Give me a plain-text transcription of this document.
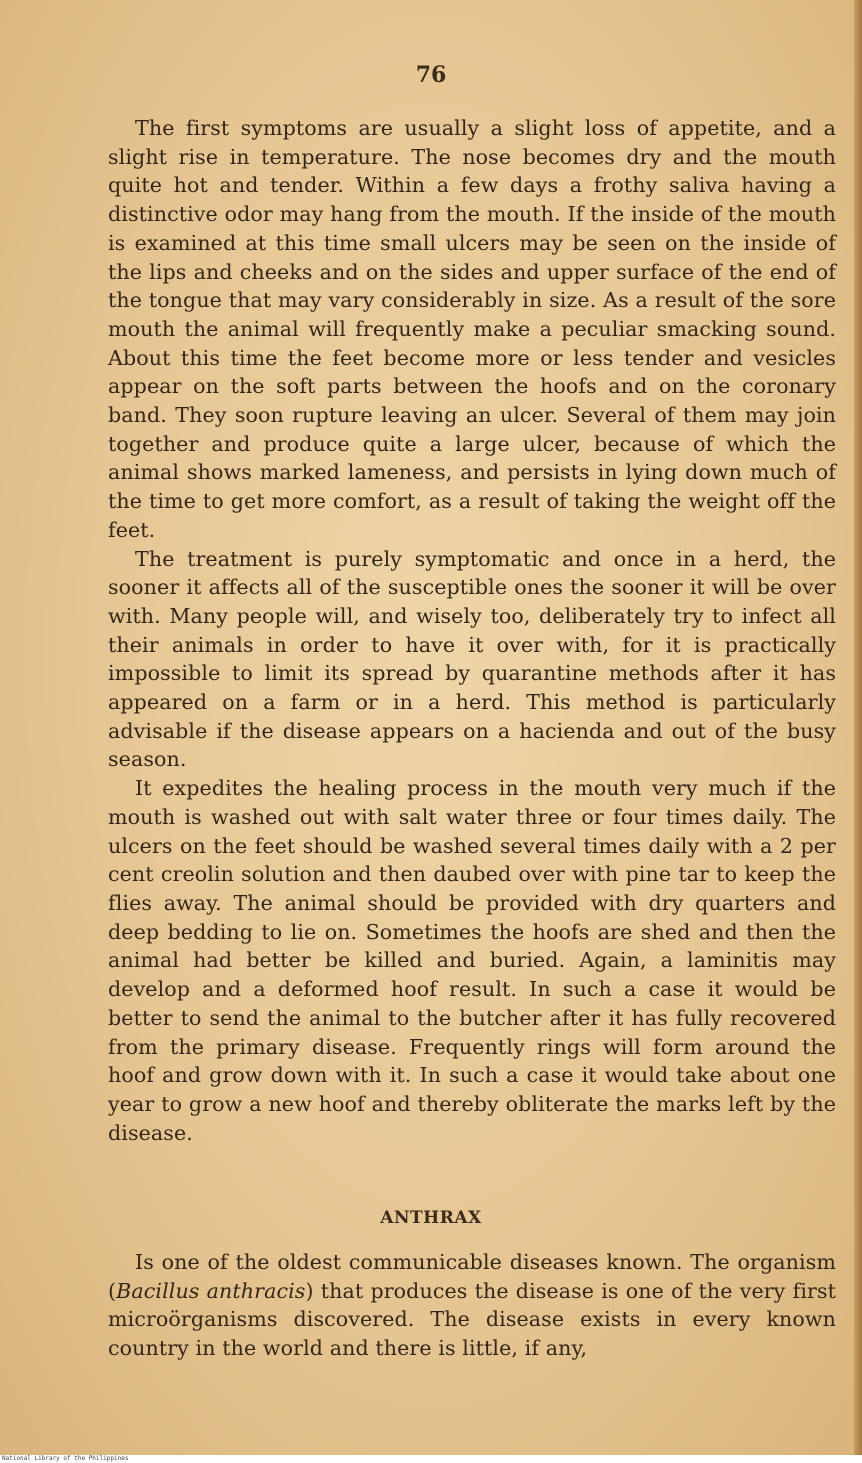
76

The first symptoms are usually a slight loss of appetite, and a slight rise in temperature. The nose becomes dry and the mouth quite hot and tender. Within a few days a frothy saliva having a distinctive odor may hang from the mouth. If the inside of the mouth is examined at this time small ulcers may be seen on the inside of the lips and cheeks and on the sides and upper surface of the end of the tongue that may vary considerably in size. As a result of the sore mouth the animal will frequently make a peculiar smacking sound. About this time the feet become more or less tender and vesicles appear on the soft parts between the hoofs and on the coronary band. They soon rupture leaving an ulcer. Several of them may join together and produce quite a large ulcer, because of which the animal shows marked lameness, and persists in lying down much of the time to get more comfort, as a result of taking the weight off the feet.

The treatment is purely symptomatic and once in a herd, the sooner it affects all of the susceptible ones the sooner it will be over with. Many people will, and wisely too, deliberately try to infect all their animals in order to have it over with, for it is practically impossible to limit its spread by quarantine methods after it has appeared on a farm or in a herd. This method is particularly advisable if the disease appears on a hacienda and out of the busy season.

It expedites the healing process in the mouth very much if the mouth is washed out with salt water three or four times daily. The ulcers on the feet should be washed several times daily with a 2 per cent creolin solution and then daubed over with pine tar to keep the flies away. The animal should be provided with dry quarters and deep bedding to lie on. Sometimes the hoofs are shed and then the animal had better be killed and buried. Again, a laminitis may develop and a deformed hoof result. In such a case it would be better to send the animal to the butcher after it has fully recovered from the primary disease. Frequently rings will form around the hoof and grow down with it. In such a case it would take about one year to grow a new hoof and thereby obliterate the marks left by the disease.

ANTHRAX

Is one of the oldest communicable diseases known. The organism (Bacillus anthracis) that produces the disease is one of the very first microörganisms discovered. The disease exists in every known country in the world and there is little, if any,

National Library of the Philippines
